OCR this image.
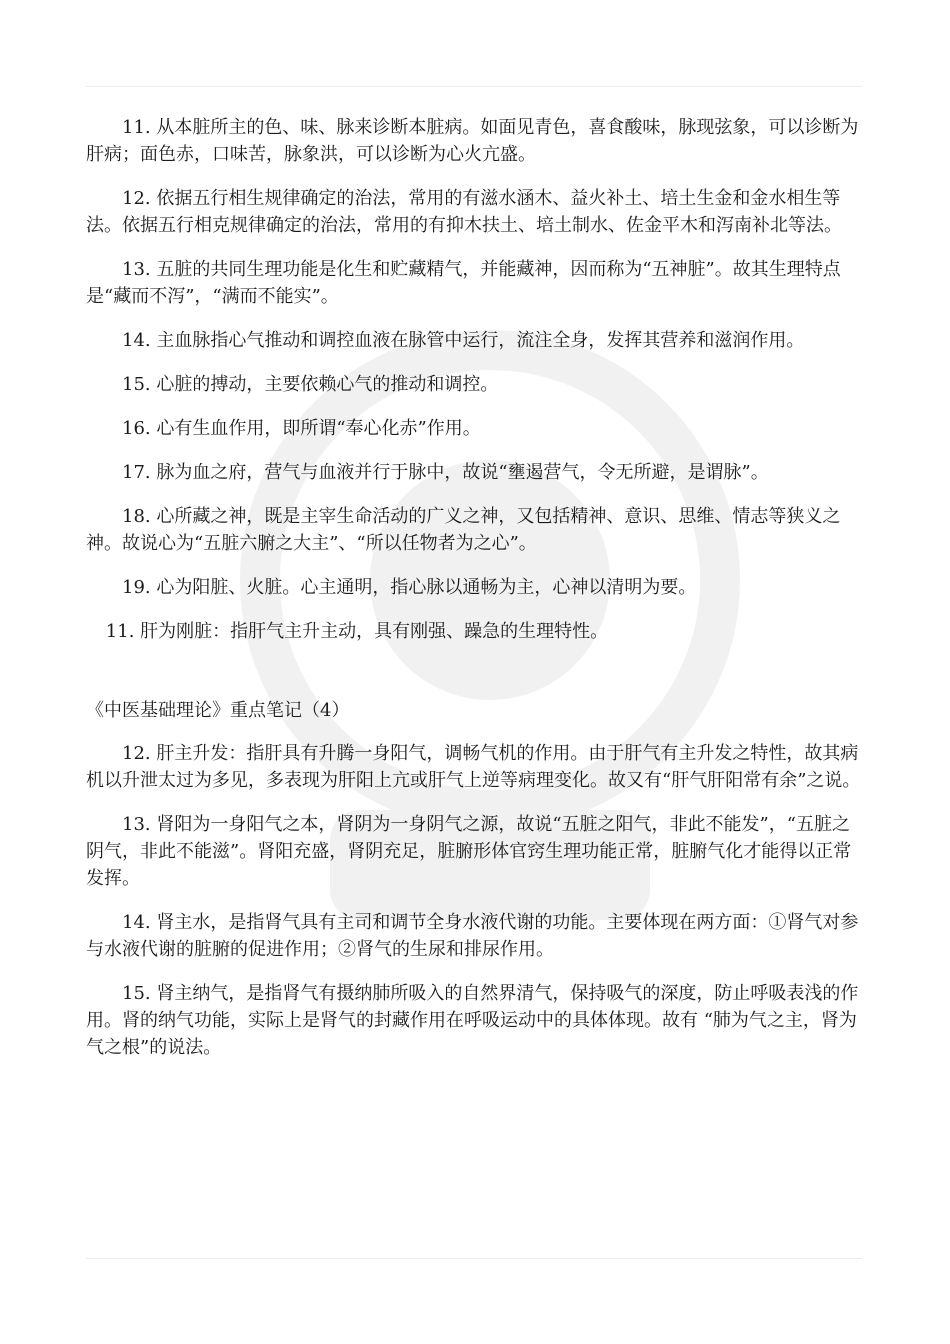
11. 从本脏所主的色、味、脉来诊断本脏病。如面见青色，喜食酸味，脉现弦象，可以诊断为肝病；面色赤，口味苦，脉象洪，可以诊断为心火亢盛。

12. 依据五行相生规律确定的治法，常用的有滋水涵木、益火补土、培土生金和金水相生等法。依据五行相克规律确定的治法，常用的有抑木扶土、培土制水、佐金平木和泻南补北等法。

13. 五脏的共同生理功能是化生和贮藏精气，并能藏神，因而称为“五神脏”。故其生理特点是“藏而不泻”，“满而不能实”。

14. 主血脉指心气推动和调控血液在脉管中运行，流注全身，发挥其营养和滋润作用。

15. 心脏的搏动，主要依赖心气的推动和调控。

16. 心有生血作用，即所谓“奉心化赤”作用。

17. 脉为血之府，营气与血液并行于脉中，故说“壅遏营气，令无所避，是谓脉”。

18. 心所藏之神，既是主宰生命活动的广义之神，又包括精神、意识、思维、情志等狭义之神。故说心为“五脏六腑之大主”、“所以任物者为之心”。

19. 心为阳脏、火脏。心主通明，指心脉以通畅为主，心神以清明为要。

11. 肝为刚脏：指肝气主升主动，具有刚强、躁急的生理特性。

《中医基础理论》重点笔记（4）

12. 肝主升发：指肝具有升腾一身阳气，调畅气机的作用。由于肝气有主升发之特性，故其病机以升泄太过为多见，多表现为肝阳上亢或肝气上逆等病理变化。故又有“肝气肝阳常有余”之说。

13. 肾阳为一身阳气之本，肾阴为一身阴气之源，故说“五脏之阳气，非此不能发”，“五脏之阴气，非此不能滋”。肾阳充盛，肾阴充足，脏腑形体官窍生理功能正常，脏腑气化才能得以正常发挥。

14. 肾主水，是指肾气具有主司和调节全身水液代谢的功能。主要体现在两方面：①肾气对参与水液代谢的脏腑的促进作用；②肾气的生尿和排尿作用。

15. 肾主纳气，是指肾气有摄纳肺所吸入的自然界清气，保持吸气的深度，防止呼吸表浅的作用。肾的纳气功能，实际上是肾气的封藏作用在呼吸运动中的具体体现。故有 “肺为气之主，肾为气之根”的说法。
